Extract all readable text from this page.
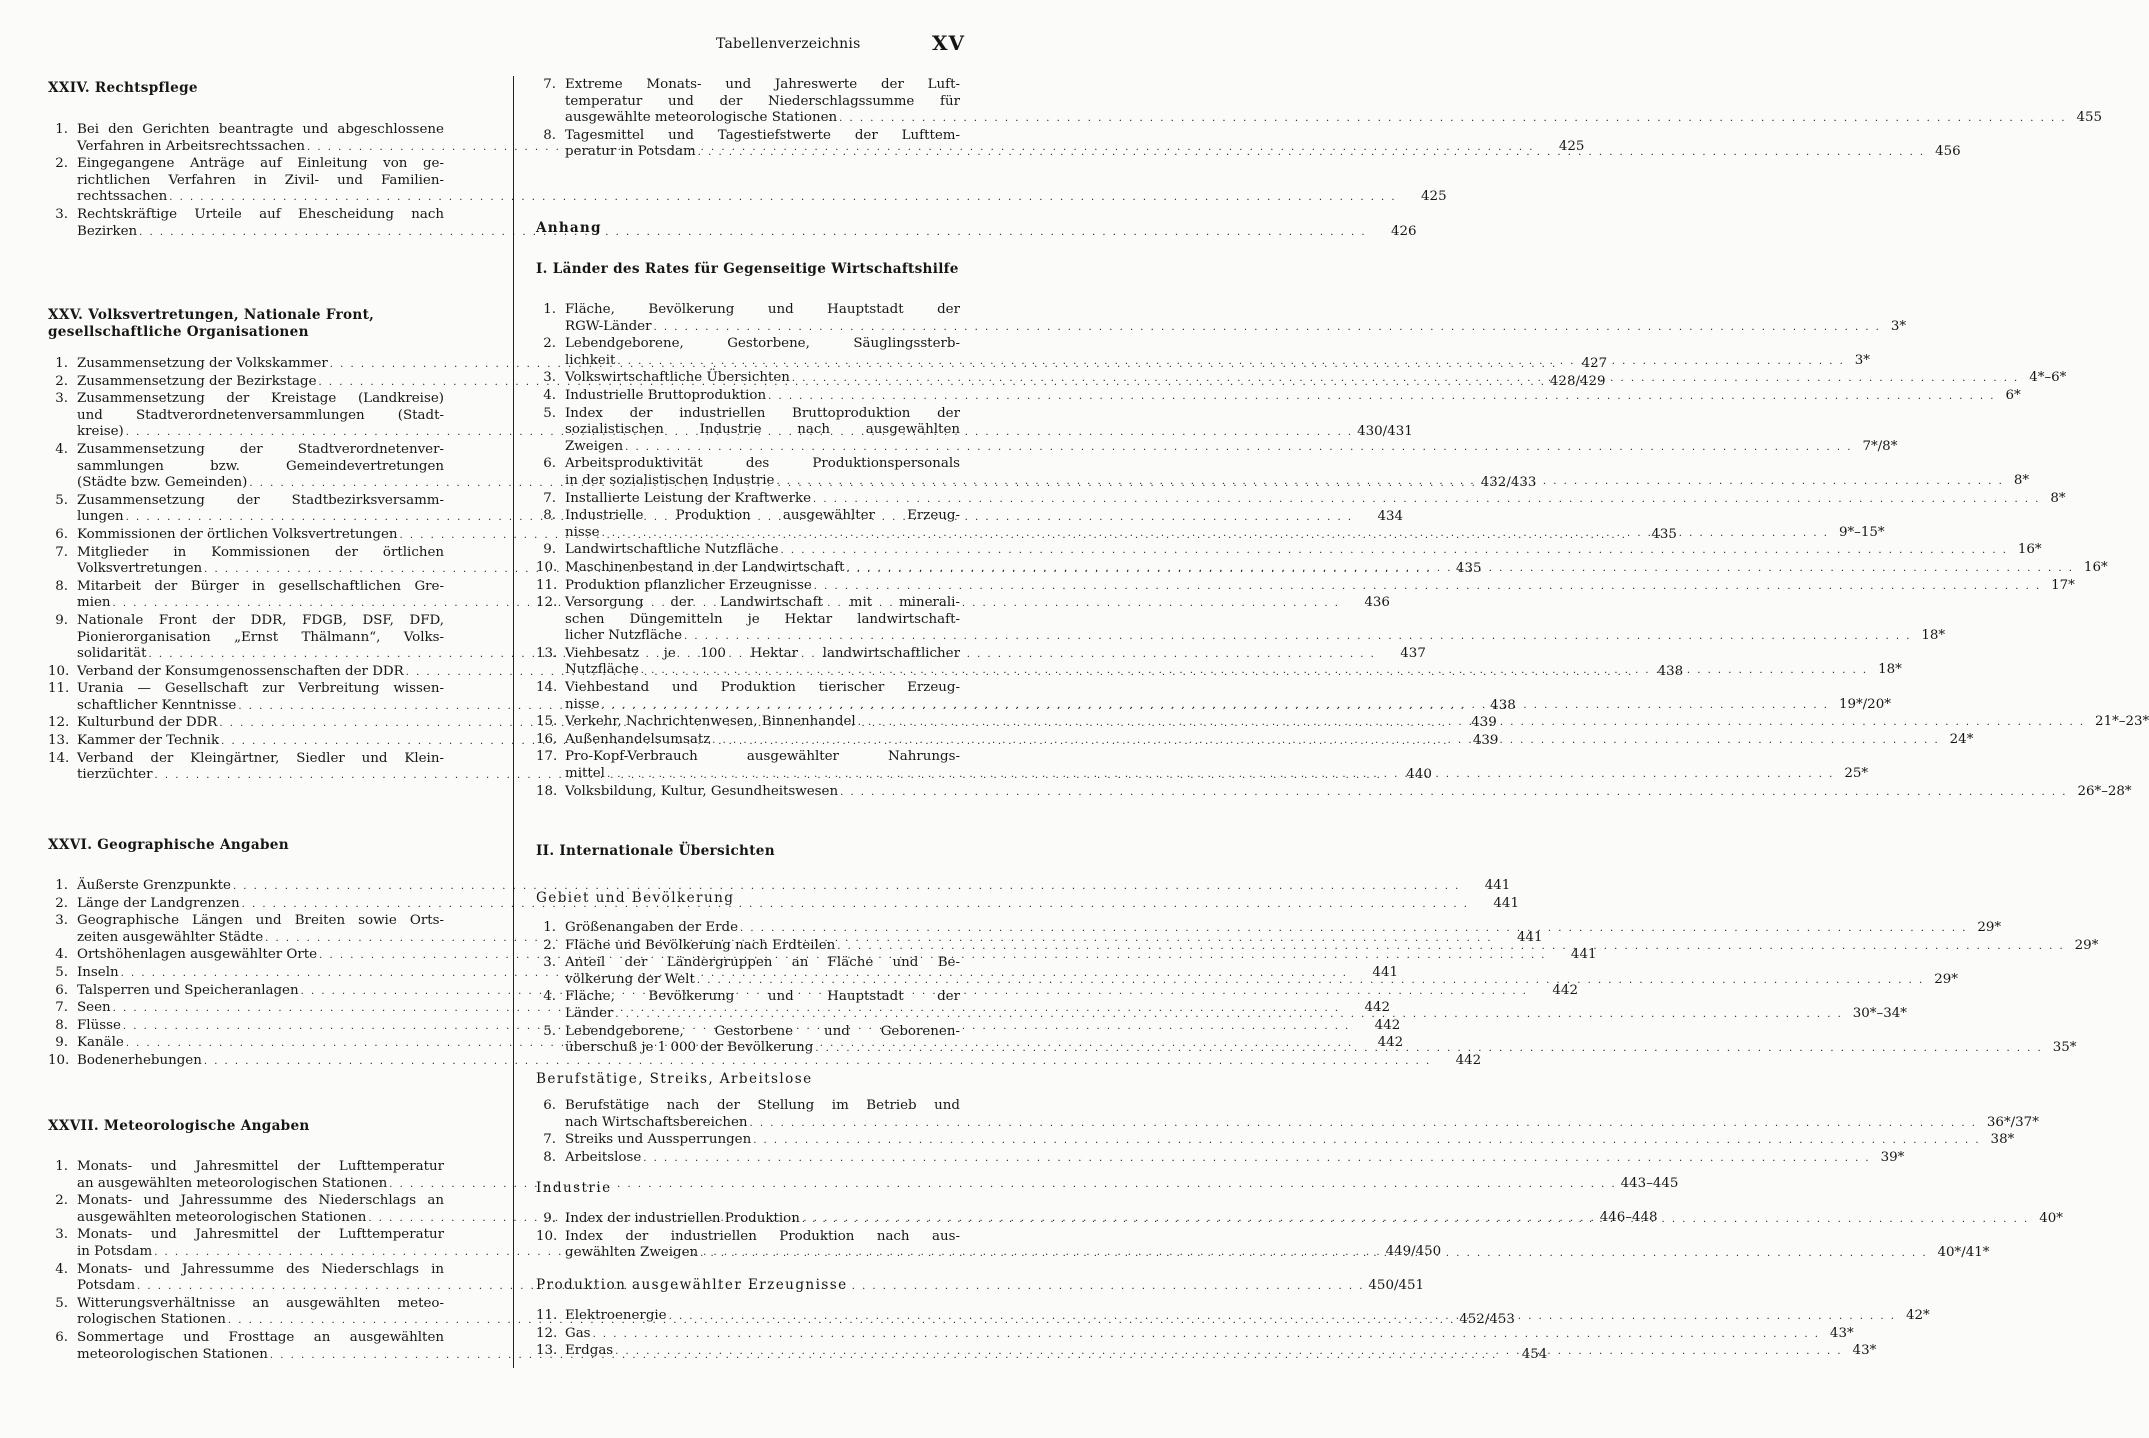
Tabellenverzeichnis	XV
XXIV. Rechtspflege
1. Bei den Gerichten beantragte und abgeschlossene
Verfahren in Arbeitsrechtssachen . . .	425
2. Eingegangene Anträge auf Einleitung von ge-
richtlichen Verfahren in Zivil- und Familien-
rechtssachen . . .	425
3. Rechtskräftige Urteile auf Ehescheidung nach
Bezirken . . .	426
XXV. Volksvertretungen, Nationale Front, gesellschaftliche Organisationen
1. Zusammensetzung der Volkskammer . . .	427
2. Zusammensetzung der Bezirkstage . . .	428/429
3. Zusammensetzung der Kreistage (Landkreise)
und Stadtverordnetenversammlungen (Stadt-
kreise) . . .	430/431
4. Zusammensetzung der Stadtverordnetenver-
sammlungen bzw. Gemeindevertretungen
(Städte bzw. Gemeinden) . . .	432/433
5. Zusammensetzung der Stadtbezirksversamm-
lungen . . .	434
6. Kommissionen der örtlichen Volksvertretungen . . .	435
7. Mitglieder in Kommissionen der örtlichen
Volksvertretungen . . .	435
8. Mitarbeit der Bürger in gesellschaftlichen Gre-
mien . . .	436
9. Nationale Front der DDR, FDGB, DSF, DFD,
Pionierorganisation „Ernst Thälmann“, Volks-
solidarität . . .	437
10. Verband der Konsumgenossenschaften der DDR . . .	438
11. Urania — Gesellschaft zur Verbreitung wissen-
schaftlicher Kenntnisse . . .	438
12. Kulturbund der DDR . . .	439
13. Kammer der Technik . . .	439
14. Verband der Kleingärtner, Siedler und Klein-
tierzüchter . . .	440
XXVI. Geographische Angaben
1. Äußerste Grenzpunkte . . .	441
2. Länge der Landgrenzen . . .	441
3. Geographische Längen und Breiten sowie Orts-
zeiten ausgewählter Städte . . .	441
4. Ortshöhenlagen ausgewählter Orte . . .	441
5. Inseln . . .	441
6. Talsperren und Speicheranlagen . . .	442
7. Seen . . .	442
8. Flüsse . . .	442
9. Kanäle . . .	442
10. Bodenerhebungen . . .	442
XXVII. Meteorologische Angaben
1. Monats- und Jahresmittel der Lufttemperatur
an ausgewählten meteorologischen Stationen . . .	443–445
2. Monats- und Jahressumme des Niederschlags an
ausgewählten meteorologischen Stationen . . .	446–448
3. Monats- und Jahresmittel der Lufttemperatur
in Potsdam . . .	449/450
4. Monats- und Jahressumme des Niederschlags in
Potsdam . . .	450/451
5. Witterungsverhältnisse an ausgewählten meteo-
rologischen Stationen . . .	452/453
6. Sommertage und Frosttage an ausgewählten
meteorologischen Stationen . . .	454
7. Extreme Monats- und Jahreswerte der Luft-
temperatur und der Niederschlagssumme für
ausgewählte meteorologische Stationen . . .	455
8. Tagesmittel und Tagestiefstwerte der Lufttem-
peratur in Potsdam . . .	456
Anhang
I. Länder des Rates für Gegenseitige Wirtschaftshilfe
1. Fläche, Bevölkerung und Hauptstadt der
RGW-Länder . . .	3*
2. Lebendgeborene, Gestorbene, Säuglingssterb-
lichkeit . . .	3*
3. Volkswirtschaftliche Übersichten . . .	4*–6*
4. Industrielle Bruttoproduktion . . .	6*
5. Index der industriellen Bruttoproduktion der
sozialistischen Industrie nach ausgewählten
Zweigen . . .	7*/8*
6. Arbeitsproduktivität des Produktionspersonals
in der sozialistischen Industrie . . .	8*
7. Installierte Leistung der Kraftwerke . . .	8*
8. Industrielle Produktion ausgewählter Erzeug-
nisse . . .	9*–15*
9. Landwirtschaftliche Nutzfläche . . .	16*
10. Maschinenbestand in der Landwirtschaft . . .	16*
11. Produktion pflanzlicher Erzeugnisse . . .	17*
12. Versorgung der Landwirtschaft mit minerali-
schen Düngemitteln je Hektar landwirtschaft-
licher Nutzfläche . . .	18*
13. Viehbesatz je 100 Hektar landwirtschaftlicher
Nutzfläche . . .	18*
14. Viehbestand und Produktion tierischer Erzeug-
nisse . . .	19*/20*
15. Verkehr, Nachrichtenwesen, Binnenhandel . . .	21*–23*
16. Außenhandelsumsatz . . .	24*
17. Pro-Kopf-Verbrauch ausgewählter Nahrungs-
mittel . . .	25*
18. Volksbildung, Kultur, Gesundheitswesen . . .	26*–28*
II. Internationale Übersichten
Gebiet und Bevölkerung
1. Größenangaben der Erde . . .	29*
2. Fläche und Bevölkerung nach Erdteilen . . .	29*
3. Anteil der Ländergruppen an Fläche und Be-
völkerung der Welt . . .	29*
4. Fläche, Bevölkerung und Hauptstadt der
Länder . . .	30*–34*
5. Lebendgeborene, Gestorbene und Geborenen-
überschuß je 1 000 der Bevölkerung . . .	35*
Berufstätige, Streiks, Arbeitslose
6. Berufstätige nach der Stellung im Betrieb und
nach Wirtschaftsbereichen . . .	36*/37*
7. Streiks und Aussperrungen . . .	38*
8. Arbeitslose . . .	39*
Industrie
9. Index der industriellen Produktion . . .	40*
10. Index der industriellen Produktion nach aus-
gewählten Zweigen . . .	40*/41*
Produktion ausgewählter Erzeugnisse
11. Elektroenergie . . .	42*
12. Gas . . .	43*
13. Erdgas . . .	43*
